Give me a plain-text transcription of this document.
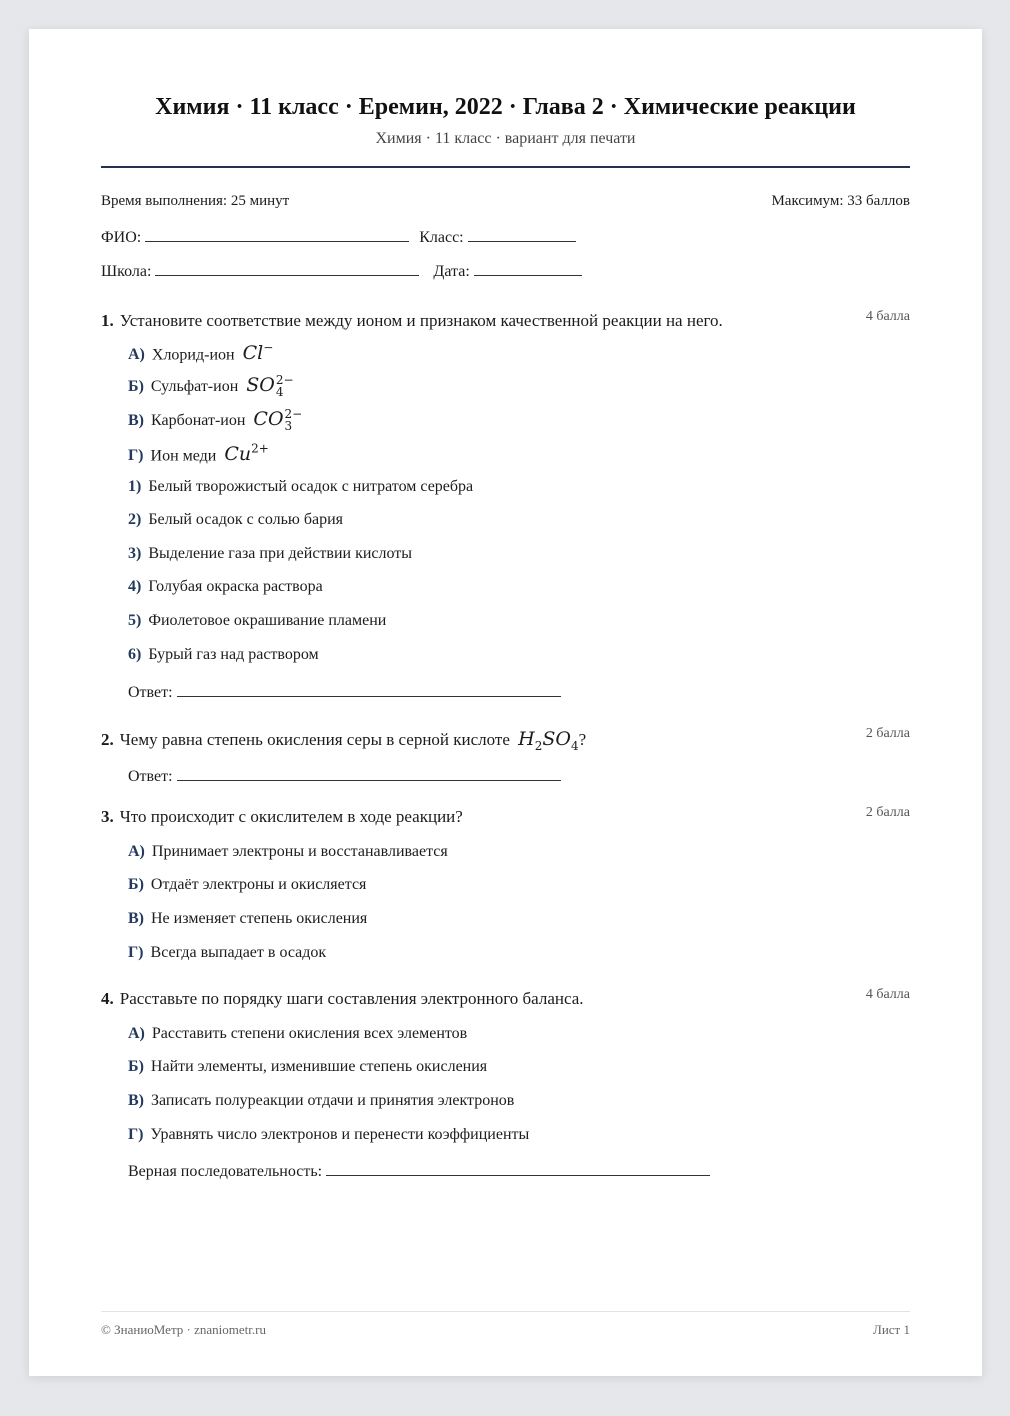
Химия · 11 класс · Еремин, 2022 · Глава 2 · Химические реакции
Химия · 11 класс · вариант для печати
Время выполнения: 25 минут	Максимум: 33 баллов
ФИО:	Класс:
Школа:	Дата:
1. Установите соответствие между ионом и признаком качественной реакции на него.	4 балла
А) Хлорид-ион Cl−
Б) Сульфат-ион SO 2−
4
В) Карбонат-ион CO 2−
3
Г) Ион меди $Cu^{2+}$
1) Белый творожистый осадок с нитратом серебра
2) Белый осадок с солью бария
3) Выделение газа при действии кислоты
4) Голубая окраска раствора
5) Фиолетовое окрашивание пламени
6) Бурый газ над раствором
Ответ:
2. Чему равна степень окисления серы в серной кислоте $H_2SO_4$?	2 балла
Ответ:
3. Что происходит с окислителем в ходе реакции?	2 балла
А) Принимает электроны и восстанавливается
Б) Отдаёт электроны и окисляется
В) Не изменяет степень окисления
Г) Всегда выпадает в осадок
4. Расставьте по порядку шаги составления электронного баланса.	4 балла
А) Расставить степени окисления всех элементов
Б) Найти элементы, изменившие степень окисления
В) Записать полуреакции отдачи и принятия электронов
Г) Уравнять число электронов и перенести коэффициенты
Верная последовательность:
© ЗнаниоМетр · znaniometr.ru	Лист 1
